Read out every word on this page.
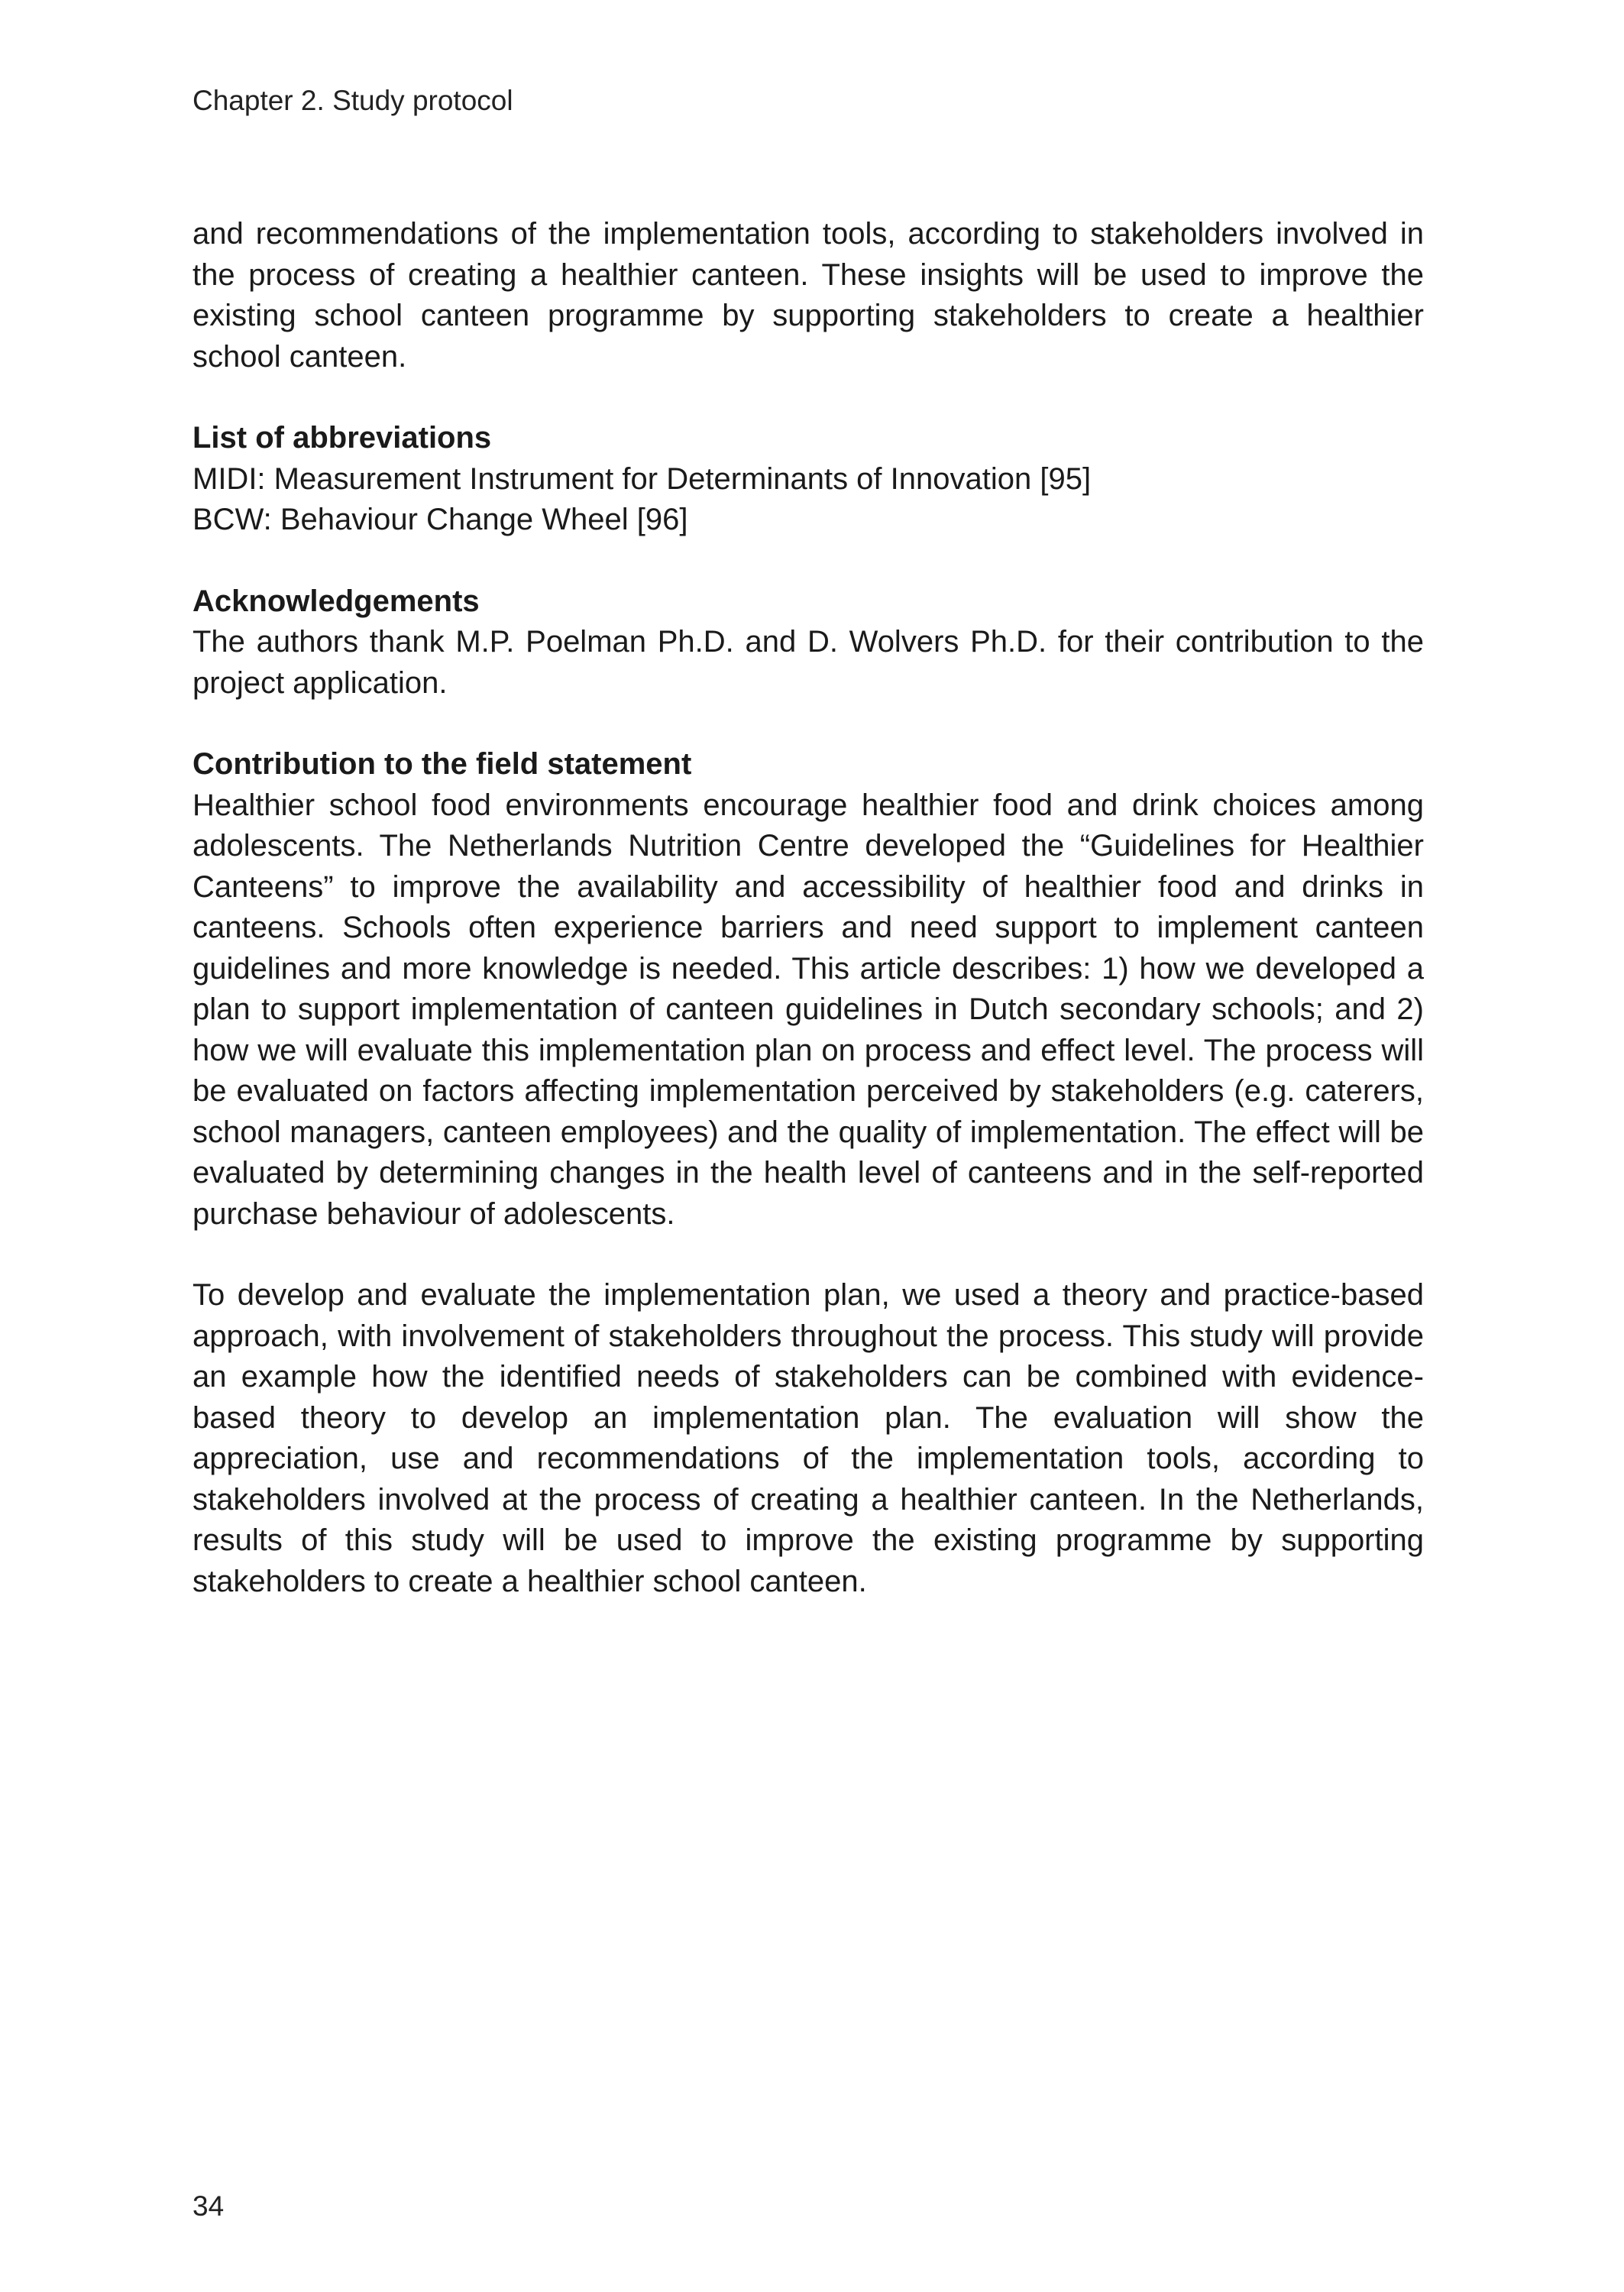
Chapter 2. Study protocol

and recommendations of the implementation tools, according to stakeholders involved in the process of creating a healthier canteen. These insights will be used to improve the existing school canteen programme by supporting stakeholders to create a healthier school canteen.

List of abbreviations
MIDI: Measurement Instrument for Determinants of Innovation [95]
BCW: Behaviour Change Wheel [96]
Acknowledgements

The authors thank M.P. Poelman Ph.D. and D. Wolvers Ph.D. for their contribution to the project application.

Contribution to the field statement

Healthier school food environments encourage healthier food and drink choices among adolescents. The Netherlands Nutrition Centre developed the “Guidelines for Healthier Canteens” to improve the availability and accessibility of healthier food and drinks in canteens. Schools often experience barriers and need support to implement canteen guidelines and more knowledge is needed. This article describes: 1) how we developed a plan to support implementation of canteen guidelines in Dutch secondary schools; and 2) how we will evaluate this implementation plan on process and effect level. The process will be evaluated on factors affecting implementation perceived by stakeholders (e.g. caterers, school managers, canteen employees) and the quality of implementation. The effect will be evaluated by determining changes in the health level of canteens and in the self-reported purchase behaviour of adolescents.

To develop and evaluate the implementation plan, we used a theory and practice-based approach, with involvement of stakeholders throughout the process. This study will provide an example how the identified needs of stakeholders can be combined with evidence-based theory to develop an implementation plan. The evaluation will show the appreciation, use and recommendations of the implementation tools, according to stakeholders involved at the process of creating a healthier canteen. In the Netherlands, results of this study will be used to improve the existing programme by supporting stakeholders to create a healthier school canteen.

34
